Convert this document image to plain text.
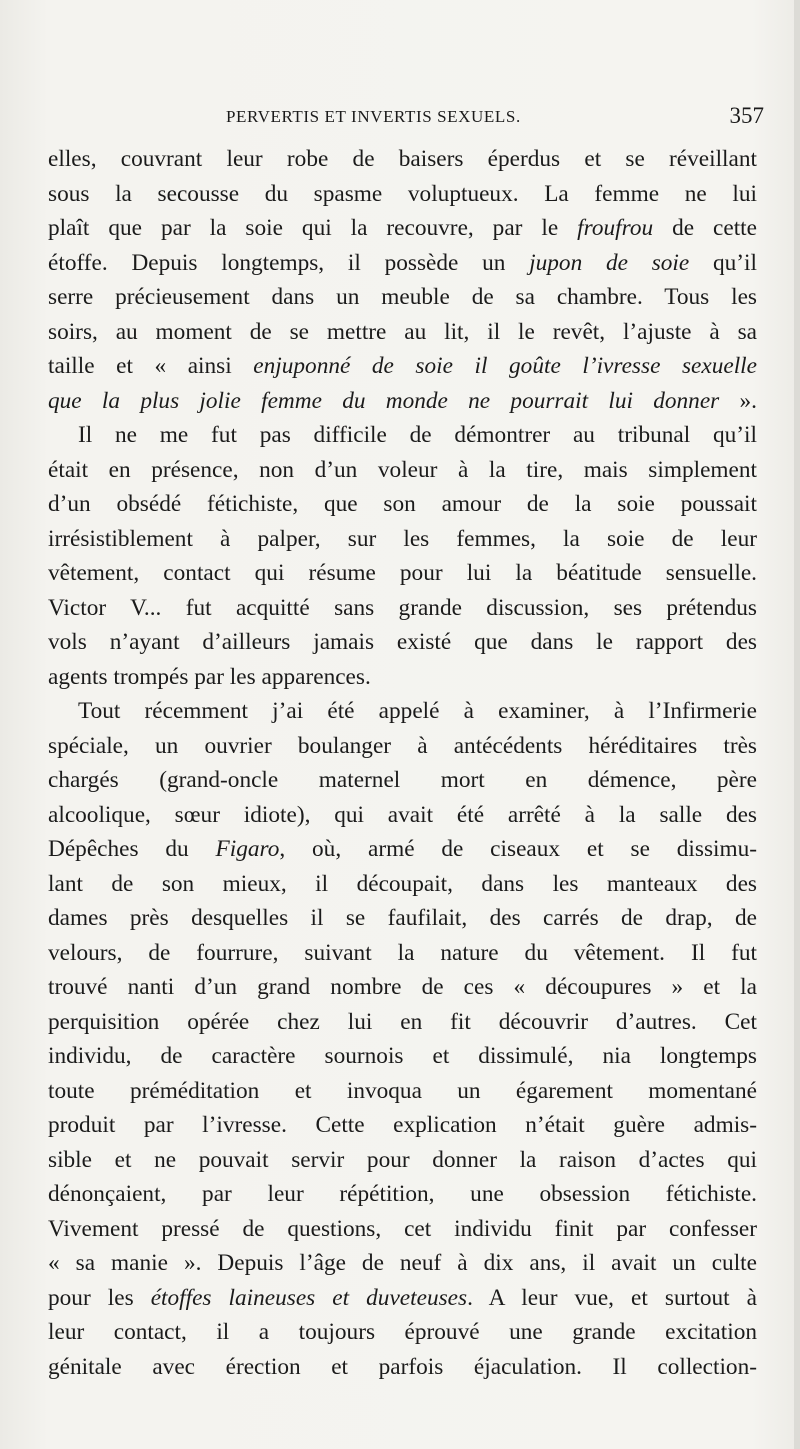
PERVERTIS ET INVERTIS SEXUELS.	357
elles, couvrant leur robe de baisers éperdus et se réveillant
sous la secousse du spasme voluptueux. La femme ne lui
plaît que par la soie qui la recouvre, par le froufrou de cette
étoffe. Depuis longtemps, il possède un jupon de soie qu’il
serre précieusement dans un meuble de sa chambre. Tous les
soirs, au moment de se mettre au lit, il le revêt, l’ajuste à sa
taille et « ainsi enjuponné de soie il goûte l’ivresse sexuelle
que la plus jolie femme du monde ne pourrait lui donner ».
Il ne me fut pas difficile de démontrer au tribunal qu’il
était en présence, non d’un voleur à la tire, mais simplement
d’un obsédé fétichiste, que son amour de la soie poussait
irrésistiblement à palper, sur les femmes, la soie de leur
vêtement, contact qui résume pour lui la béatitude sensuelle.
Victor V... fut acquitté sans grande discussion, ses prétendus
vols n’ayant d’ailleurs jamais existé que dans le rapport des
agents trompés par les apparences.
Tout récemment j’ai été appelé à examiner, à l’Infirmerie
spéciale, un ouvrier boulanger à antécédents héréditaires très
chargés (grand-oncle maternel mort en démence, père
alcoolique, sœur idiote), qui avait été arrêté à la salle des
Dépêches du Figaro, où, armé de ciseaux et se dissimu-
lant de son mieux, il découpait, dans les manteaux des
dames près desquelles il se faufilait, des carrés de drap, de
velours, de fourrure, suivant la nature du vêtement. Il fut
trouvé nanti d’un grand nombre de ces « découpures » et la
perquisition opérée chez lui en fit découvrir d’autres. Cet
individu, de caractère sournois et dissimulé, nia longtemps
toute préméditation et invoqua un égarement momentané
produit par l’ivresse. Cette explication n’était guère admis-
sible et ne pouvait servir pour donner la raison d’actes qui
dénonçaient, par leur répétition, une obsession fétichiste.
Vivement pressé de questions, cet individu finit par confesser
« sa manie ». Depuis l’âge de neuf à dix ans, il avait un culte
pour les étoffes laineuses et duveteuses. A leur vue, et surtout à
leur contact, il a toujours éprouvé une grande excitation
génitale avec érection et parfois éjaculation. Il collection-
